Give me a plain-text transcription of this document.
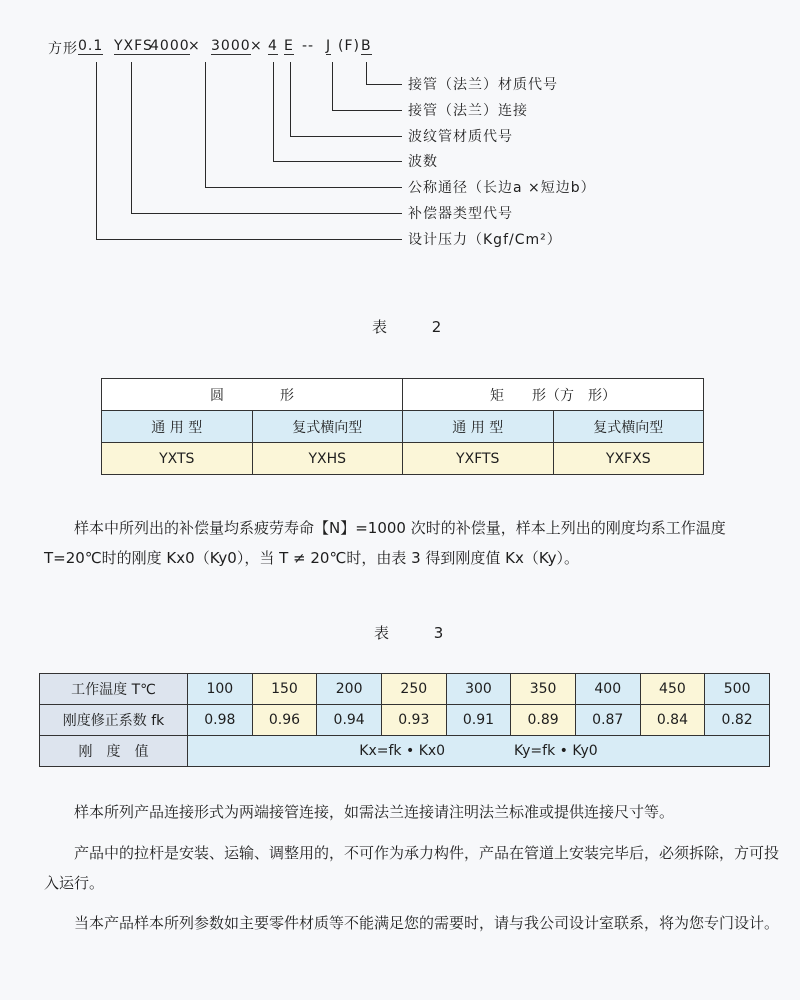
方形 0.1 YXFS
4000
× 3000 × 4 E -- J (F) B
接管（法兰）材质代号
接管（法兰）连接
波纹管材质代号
波数
公称通径（长边a ×短边b）
补偿器类型代号
设计压力（Kgf/Cm²）
表 2
圆　　　　形		矩　　形（方　形）	
通 用 型	复式横向型	通 用 型	复式横向型
YXTS	YXHS	YXFTS	YXFXS
样本中所列出的补偿量均系疲劳寿命【N】=1000 次时的补偿量，样本上列出的刚度均系工作温度 T=20℃时的刚度 Kx0（Ky0），当 T ≠ 20℃时，由表 3 得到刚度值 Kx（Ky）。
表 3
工作温度 T℃	100	150	200	250	300	350	400	450	500
刚度修正系数 fk	0.98	0.96	0.94	0.93	0.91	0.89	0.87	0.84	0.82
刚　度　值	Kx=fk • Kx0 Ky=fk • Ky0								
样本所列产品连接形式为两端接管连接，如需法兰连接请注明法兰标准或提供连接尺寸等。
产品中的拉杆是安装、运输、调整用的，不可作为承力构件，产品在管道上安装完毕后，必须拆除，方可投入运行。
当本产品样本所列参数如主要零件材质等不能满足您的需要时，请与我公司设计室联系，将为您专门设计。
